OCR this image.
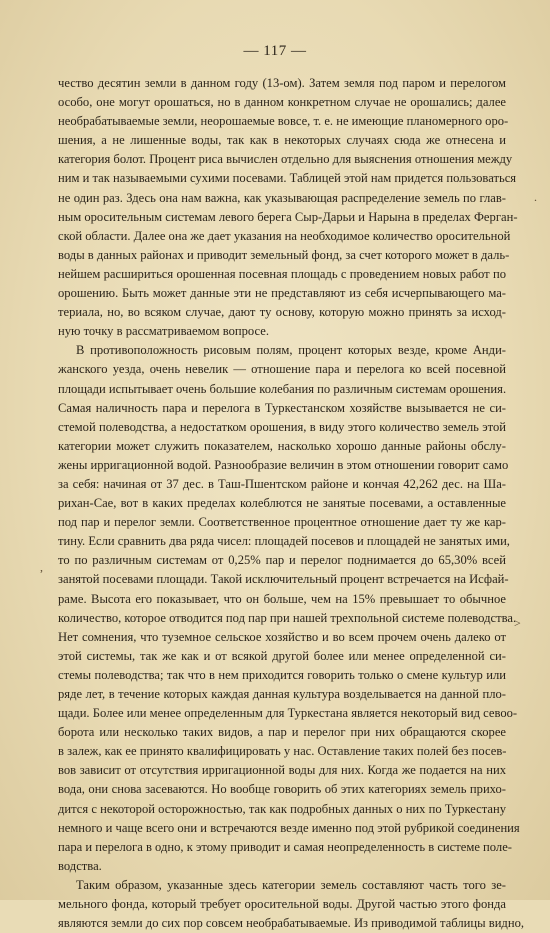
— 117 —
чество десятин земли в данном году (13-ом). Затем земля под паром и перелогом
особо, оне могут орошаться, но в данном конкретном случае не орошались; далее
необрабатываемые земли, неорошаемые вовсе, т. е. не имеющие планомерного оро-
шения, а не лишенные воды, так как в некоторых случаях сюда же отнесена и
категория болот. Процент риса вычислен отдельно для выяснения отношения между
ним и так называемыми сухими посевами. Таблицей этой нам придется пользоваться
не один раз. Здесь она нам важна, как указывающая распределение земель по глав-
ным оросительным системам левого берега Сыр-Дарьи и Нарына в пределах Ферган-
ской области. Далее она же дает указания на необходимое количество оросительной
воды в данных районах и приводит земельный фонд, за счет которого может в даль-
нейшем расшириться орошенная посевная площадь с проведением новых работ по
орошению. Быть может данные эти не представляют из себя исчерпывающего ма-
териала, но, во всяком случае, дают ту основу, которую можно принять за исход-
ную точку в рассматриваемом вопросе.
В противоположность рисовым полям, процент которых везде, кроме Анди-
жанского уезда, очень невелик — отношение пара и перелога ко всей посевной
площади испытывает очень большие колебания по различным системам орошения.
Самая наличность пара и перелога в Туркестанском хозяйстве вызывается не си-
стемой полеводства, а недостатком орошения, в виду этого количество земель этой
категории может служить показателем, насколько хорошо данные районы обслу-
жены ирригационной водой. Разнообразие величин в этом отношении говорит само
за себя: начиная от 37 дес. в Таш-Пшентском районе и кончая 42,262 дес. на Ша-
рихан-Сае, вот в каких пределах колеблются не занятые посевами, а оставленные
под пар и перелог земли. Соответственное процентное отношение дает ту же кар-
тину. Если сравнить два ряда чисел: площадей посевов и площадей не занятых ими,
то по различным системам от 0,25% пар и перелог поднимается до 65,30% всей
занятой посевами площади. Такой исключительный процент встречается на Исфай-
раме. Высота его показывает, что он больше, чем на 15% превышает то обычное
количество, которое отводится под пар при нашей трехпольной системе полеводства.
Нет сомнения, что туземное сельское хозяйство и во всем прочем очень далеко от
этой системы, так же как и от всякой другой более или менее определенной си-
стемы полеводства; так что в нем приходится говорить только о смене культур или
ряде лет, в течение которых каждая данная культура возделывается на данной пло-
щади. Более или менее определенным для Туркестана является некоторый вид севоо-
борота или несколько таких видов, а пар и перелог при них обращаются скорее
в залеж, как ее принято квалифицировать у нас. Оставление таких полей без посев-
вов зависит от отсутствия ирригационной воды для них. Когда же подается на них
вода, они снова засеваются. Но вообще говорить об этих категориях земель прихо-
дится с некоторой осторожностью, так как подробных данных о них по Туркестану
немного и чаще всего они и встречаются везде именно под этой рубрикой соединения
пара и перелога в одно, к этому приводит и самая неопределенность в системе поле-
водства.
Таким образом, указанные здесь категории земель составляют часть того зе-
мельного фонда, который требует оросительной воды. Другой частью этого фонда
являются земли до сих пор совсем необрабатываемые. Из приводимой таблицы видно,
.
,
˃
